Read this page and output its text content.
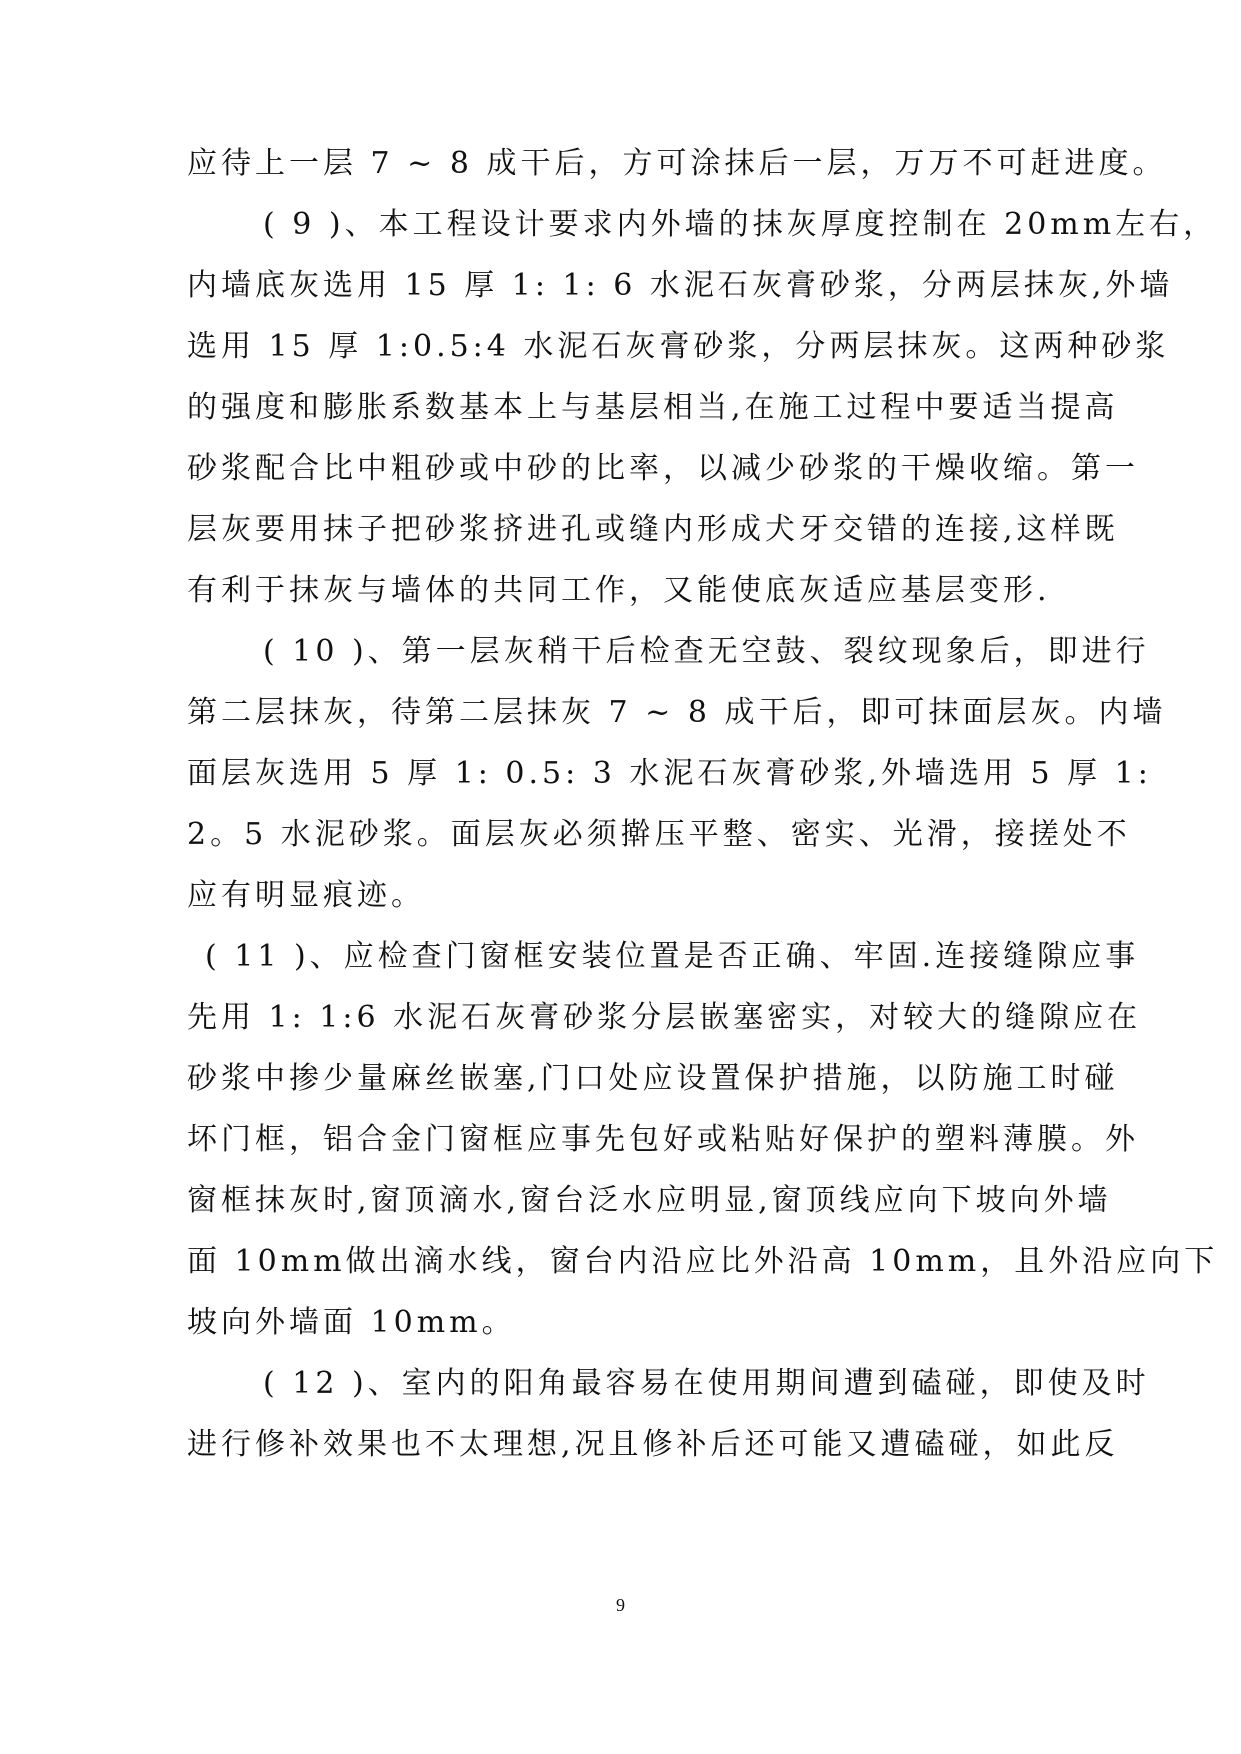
应待上一层 7 ~ 8 成干后，方可涂抹后一层，万万不可赶进度。
( 9 )、本工程设计要求内外墙的抹灰厚度控制在 20mm左右，
内墙底灰选用 15 厚 1: 1: 6 水泥石灰膏砂浆，分两层抹灰,外墙
选用 15 厚 1:0.5:4 水泥石灰膏砂浆，分两层抹灰。这两种砂浆
的强度和膨胀系数基本上与基层相当,在施工过程中要适当提高
砂浆配合比中粗砂或中砂的比率，以减少砂浆的干燥收缩。第一
层灰要用抹子把砂浆挤进孔或缝内形成犬牙交错的连接,这样既
有利于抹灰与墙体的共同工作，又能使底灰适应基层变形.
( 10 )、第一层灰稍干后检查无空鼓、裂纹现象后，即进行
第二层抹灰，待第二层抹灰 7 ~ 8 成干后，即可抹面层灰。内墙
面层灰选用 5 厚 1: 0.5: 3 水泥石灰膏砂浆,外墙选用 5 厚 1:
2。5 水泥砂浆。面层灰必须擀压平整、密实、光滑，接搓处不
应有明显痕迹。
( 11 )、应检查门窗框安装位置是否正确、牢固.连接缝隙应事
先用 1: 1:6 水泥石灰膏砂浆分层嵌塞密实，对较大的缝隙应在
砂浆中掺少量麻丝嵌塞,门口处应设置保护措施，以防施工时碰
坏门框，铝合金门窗框应事先包好或粘贴好保护的塑料薄膜。外
窗框抹灰时,窗顶滴水,窗台泛水应明显,窗顶线应向下坡向外墙
面 10mm做出滴水线，窗台内沿应比外沿高 10mm，且外沿应向下
坡向外墙面 10mm。
( 12 )、室内的阳角最容易在使用期间遭到磕碰，即使及时
进行修补效果也不太理想,况且修补后还可能又遭磕碰，如此反
9
